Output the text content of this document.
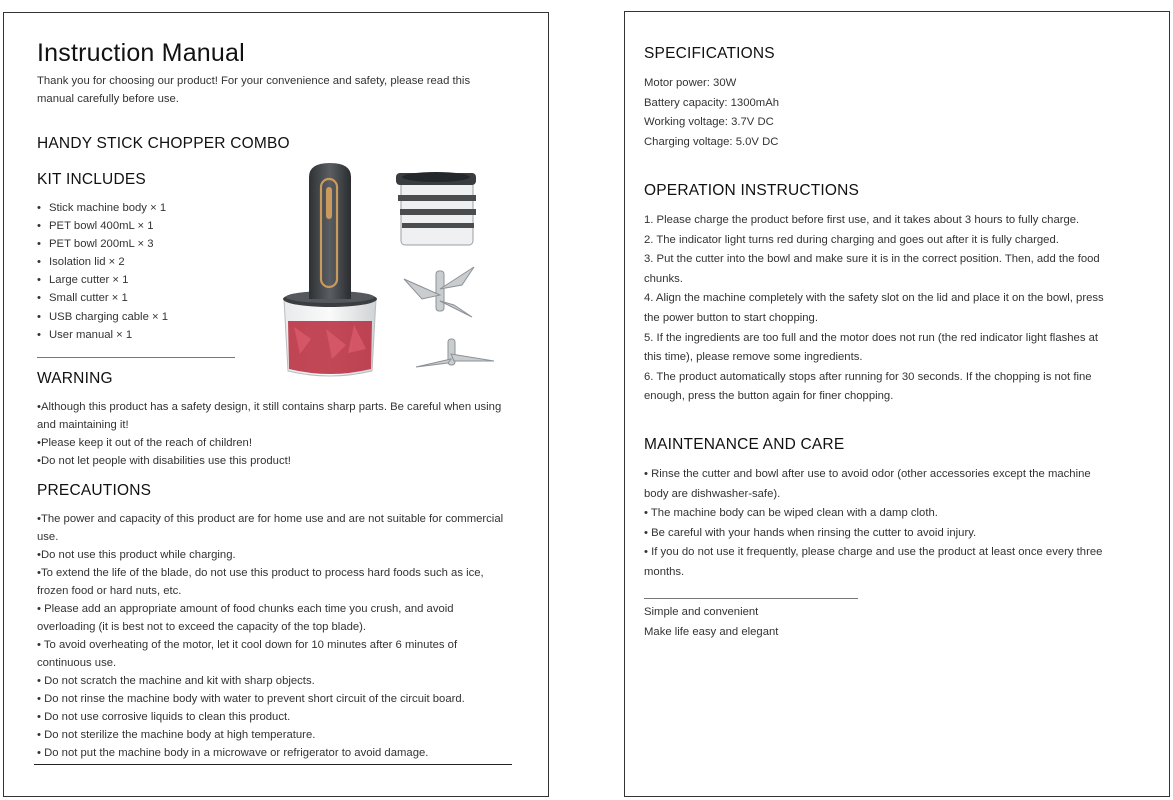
Instruction Manual
Thank you for choosing our product! For your convenience and safety, please read this
manual carefully before use.
HANDY STICK CHOPPER COMBO
KIT INCLUDES
• Stick machine body × 1
• PET bowl 400mL × 1
• PET bowl 200mL × 3
• Isolation lid × 2
• Large cutter × 1
• Small cutter × 1
• USB charging cable × 1
• User manual × 1
WARNING
•Although this product has a safety design, it still contains sharp parts. Be careful when using
and maintaining it!
•Please keep it out of the reach of children!
•Do not let people with disabilities use this product!
PRECAUTIONS
•The power and capacity of this product are for home use and are not suitable for commercial
use.
•Do not use this product while charging.
•To extend the life of the blade, do not use this product to process hard foods such as ice,
frozen food or hard nuts, etc.
• Please add an appropriate amount of food chunks each time you crush, and avoid
overloading (it is best not to exceed the capacity of the top blade).
• To avoid overheating of the motor, let it cool down for 10 minutes after 6 minutes of
continuous use.
• Do not scratch the machine and kit with sharp objects.
• Do not rinse the machine body with water to prevent short circuit of the circuit board.
• Do not use corrosive liquids to clean this product.
• Do not sterilize the machine body at high temperature.
• Do not put the machine body in a microwave or refrigerator to avoid damage.
SPECIFICATIONS
Motor power: 30W
Battery capacity: 1300mAh
Working voltage: 3.7V DC
Charging voltage: 5.0V DC
OPERATION INSTRUCTIONS
1. Please charge the product before first use, and it takes about 3 hours to fully charge.
2. The indicator light turns red during charging and goes out after it is fully charged.
3. Put the cutter into the bowl and make sure it is in the correct position. Then, add the food
chunks.
4. Align the machine completely with the safety slot on the lid and place it on the bowl, press
the power button to start chopping.
5. If the ingredients are too full and the motor does not run (the red indicator light flashes at
this time), please remove some ingredients.
6. The product automatically stops after running for 30 seconds. If the chopping is not fine
enough, press the button again for finer chopping.
MAINTENANCE AND CARE
• Rinse the cutter and bowl after use to avoid odor (other accessories except the machine
body are dishwasher-safe).
• The machine body can be wiped clean with a damp cloth.
• Be careful with your hands when rinsing the cutter to avoid injury.
• If you do not use it frequently, please charge and use the product at least once every three
months.
Simple and convenient
Make life easy and elegant
